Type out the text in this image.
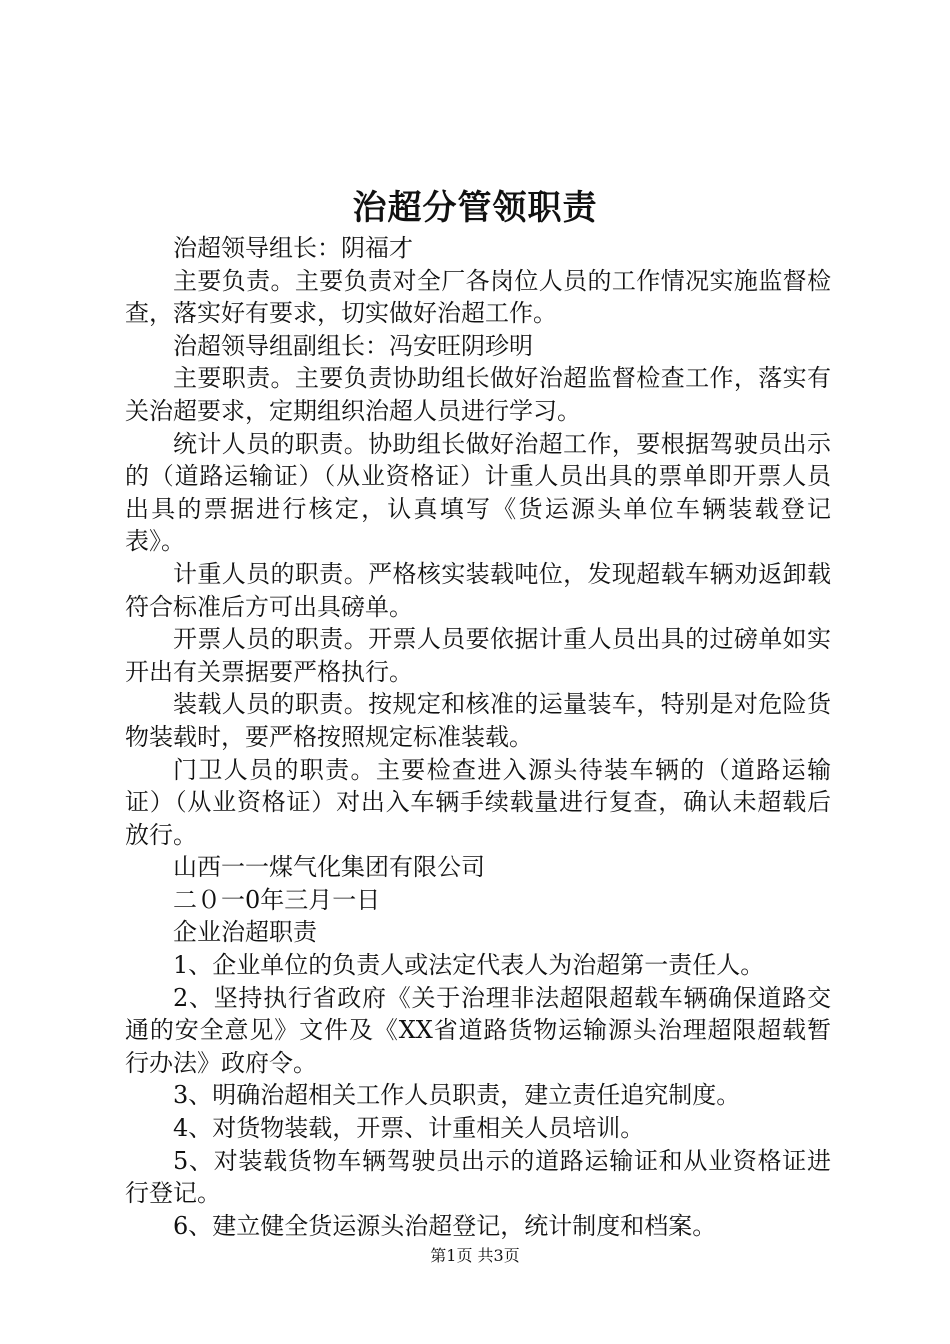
治超分管领职责

治超领导组长：阴福才

主要负责。主要负责对全厂各岗位人员的工作情况实施监督检查，落实好有要求，切实做好治超工作。

治超领导组副组长：冯安旺阴珍明

主要职责。主要负责协助组长做好治超监督检查工作，落实有关治超要求，定期组织治超人员进行学习。

统计人员的职责。协助组长做好治超工作，要根据驾驶员出示的（道路运输证）（从业资格证）计重人员出具的票单即开票人员出具的票据进行核定，认真填写《货运源头单位车辆装载登记表》。

计重人员的职责。严格核实装载吨位，发现超载车辆劝返卸载符合标准后方可出具磅单。

开票人员的职责。开票人员要依据计重人员出具的过磅单如实开出有关票据要严格执行。

装载人员的职责。按规定和核准的运量装车，特别是对危险货物装载时，要严格按照规定标准装载。

门卫人员的职责。主要检查进入源头待装车辆的（道路运输证）（从业资格证）对出入车辆手续载量进行复查，确认未超载后放行。

山西一一煤气化集团有限公司

二０一0年三月一日

企业治超职责

1、企业单位的负责人或法定代表人为治超第一责任人。

2、坚持执行省政府《关于治理非法超限超载车辆确保道路交通的安全意见》文件及《XX省道路货物运输源头治理超限超载暂行办法》政府令。

3、明确治超相关工作人员职责，建立责任追究制度。

4、对货物装载，开票、计重相关人员培训。

5、对装载货物车辆驾驶员出示的道路运输证和从业资格证进行登记。

6、建立健全货运源头治超登记，统计制度和档案。

第1页 共3页
